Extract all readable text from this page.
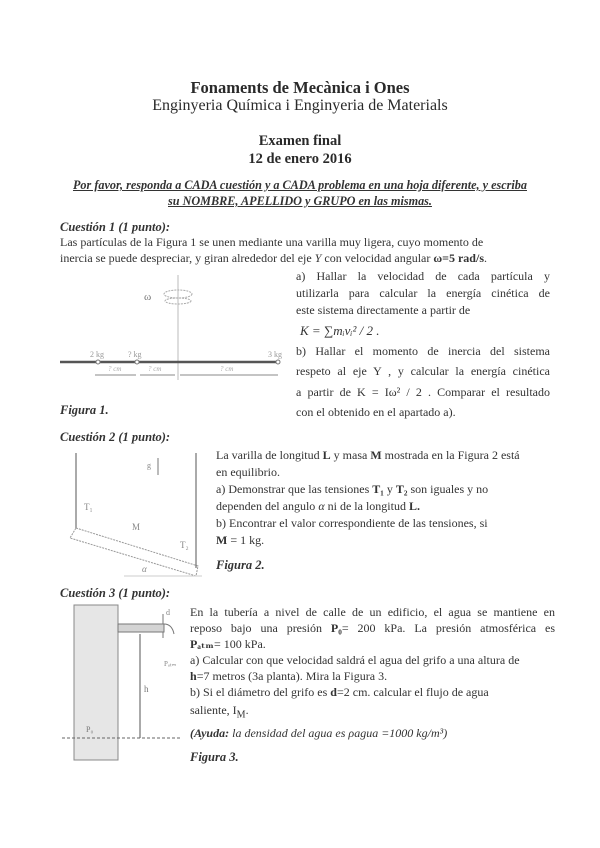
Fonaments de Mecànica i Ones
Enginyeria Química i Enginyeria de Materials
Examen final
12 de enero 2016
Por favor, responda a CADA cuestión y a CADA problema en una hoja diferente, y escriba
su NOMBRE, APELLIDO y GRUPO en las mismas.
Cuestión 1 (1 punto):
Las partículas de la Figura 1 se unen mediante una varilla muy ligera, cuyo momento de
inercia se puede despreciar, y giran alrededor del eje Y con velocidad angular ω=5 rad/s.
a) Hallar la velocidad de cada partícula y
utilizarla para calcular la energía cinética de
este sistema directamente a partir de
K = ∑mᵢvᵢ² / 2 .
b) Hallar el momento de inercia del sistema
respeto al eje Y , y calcular la energía cinética
a partir de K = Iω² / 2 . Comparar el resultado
con el obtenido en el apartado a).
ω
2 kg	? kg	3 kg
? cm	? cm	? cm
Figura 1.
Cuestión 2 (1 punto):
g
T₁
T₂
M
α
La varilla de longitud L y masa M mostrada en la Figura 2 está
en equilibrio.
a) Demonstrar que las tensiones T₁ y T₂ son iguales y no
dependen del angulo α ni de la longitud L.
b) Encontrar el valor correspondiente de las tensiones, si
M = 1 kg.
Figura 2.
Cuestión 3 (1 punto):
d
Pₐₜₘ
h
P₀
En la tubería a nivel de calle de un edificio, el agua se mantiene en
reposo bajo una presión P₀= 200 kPa. La presión atmosférica es
Pₐₜₘ= 100 kPa.
a) Calcular con que velocidad saldrá el agua del grifo a una altura de
h=7 metros (3a planta). Mira la Figura 3.
b) Si el diámetro del grifo es d=2 cm. calcular el flujo de agua
saliente, $I_M$.
(Ayuda: la densidad del agua es ρagua =1000 kg/m³)
Figura 3.
